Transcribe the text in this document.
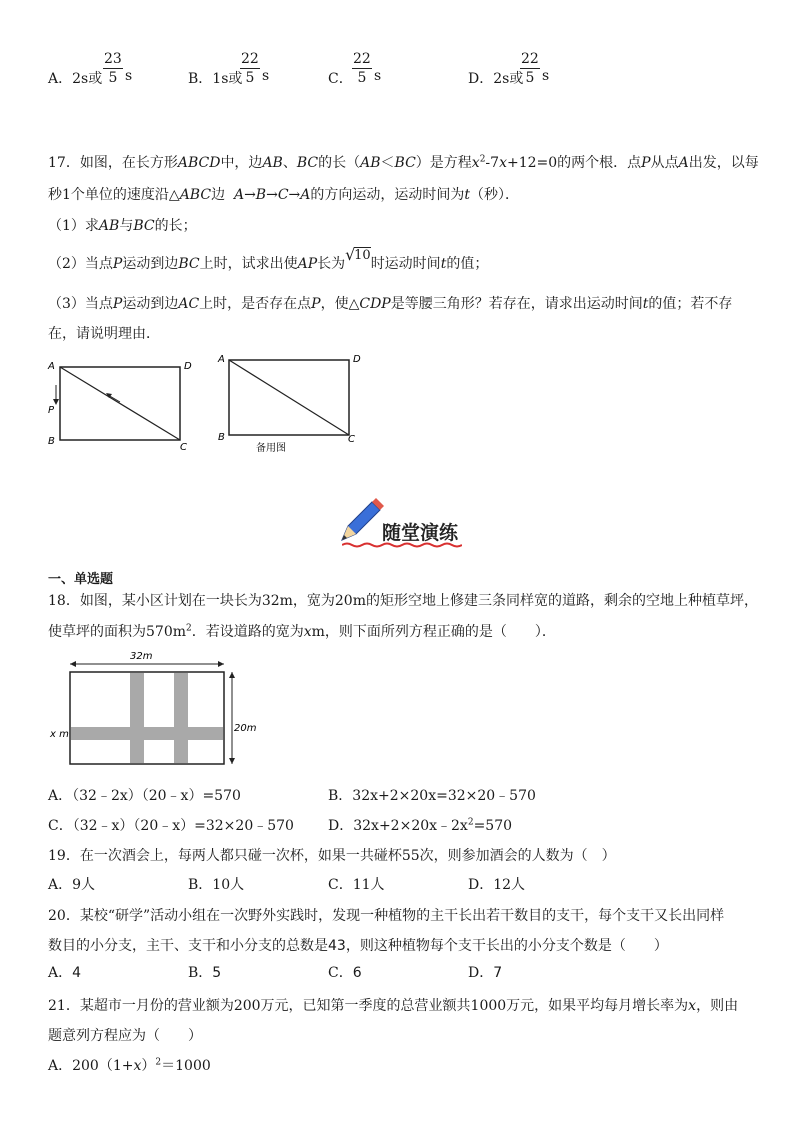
A．2s或 $\frac{23}{5}$ s	B．1s或
$\frac{22}{5}$ s	C． $\frac{22}{5}$ s	D．2s或
$\frac{22}{5}$ s
17．如图，在长方形ABCD中，边AB、BC的长（AB＜BC）是方程$x^2-7x+12=0$的两个根．点P从点A出发，以每
秒1个单位的速度沿△ABC边 A→B→C→A的方向运动，运动时间为t（秒）．
（1）求AB与BC的长；
（2）当点P运动到边BC上时，试求出使AP长为 √
10时运动时间t的值；
（3）当点P运动到边AC上时，是否存在点P，使△CDP是等腰三角形？若存在，请求出运动时间t的值；若不存
在，请说明理由．
A	D
B
C
P
A	D
B	C
备用图
随堂演练
一、单选题
18．如图，某小区计划在一块长为32m，宽为20m的矩形空地上修建三条同样宽的道路，剩余的空地上种植草坪，
使草坪的面积为$570m^2$．若设道路的宽为xm，则下面所列方程正确的是（　　）．
32m
20m
x m
A．（32﹣2x）（20﹣x）=570	B．32x+2×20x=32×20﹣570
C．（32﹣x）（20﹣x）=32×20﹣570 D．$32x+2\times 20x﹣2x^2=570$
19．在一次酒会上，每两人都只碰一次杯，如果一共碰杯55次，则参加酒会的人数为（　）
A．9人	B．10人	C．11人	D．12人
20．某校“研学”活动小组在一次野外实践时，发现一种植物的主干长出若干数目的支干，每个支干又长出同样
数目的小分支，主干、支干和小分支的总数是43，则这种植物每个支干长出的小分支个数是（　　）
A．4	B．5	C．6	D．7
21．某超市一月份的营业额为200万元，已知第一季度的总营业额共1000万元，如果平均每月增长率为x，则由
题意列方程应为（　　）
A．$200(1+x)^2=1000$
